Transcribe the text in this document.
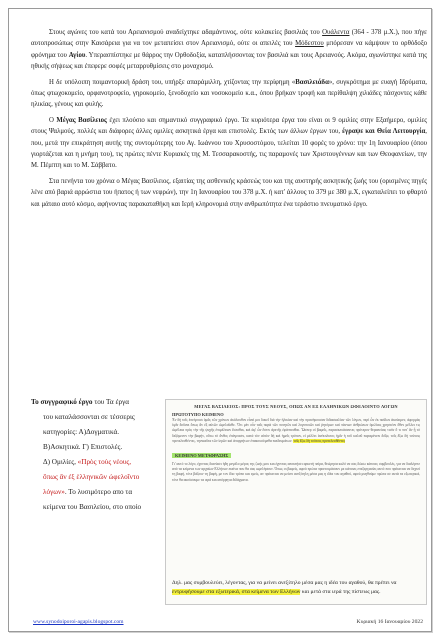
Στους αγώνες του κατά του Αρειανισμού αναδείχτηκε αδαμάντινος, ούτε κολακείες βασιλιάς του Ουάλεντα (364 - 378 μ.Χ.), που πήγε αυτοπροσώπως στην Καισάρεια για να τον μεταπείσει στον Αρειανισμό, ούτε οι απειλές του Μόδεστου μπόρεσαν να κάμψουν το ορθόδοξο φρόνημα του Αγίου. Υπερασπίστηκε με θάρρος την Ορθοδοξία, καταπλήσσοντας τον βασιλιά και τους Αρειανούς. Ακόμα, αγωνίστηκε κατά της ηθικής σήψεως και έπεφερε σοφές μεταρρυθμίσεις στο μοναχισμό.

Η δε υπόλοιπη ποιμαντορική δράση του, υπήρξε απαράμιλλη, χτίζοντας την περίφημη «Βασιλειάδα», συγκρότημα με ευαγή Ιδρύματα, όπως φτωχοκομείο, ορφανοτροφείο, γηροκομείο, ξενοδοχείο και νοσοκομείο κ.α., όπου βρήκαν τροφή και περίθαλψη χιλιάδες πάσχοντες κάθε ηλικίας, γένους και φυλής.

Ο Μέγας Βασίλειος έχει πλούσιο και σημαντικό συγγραφικό έργο. Τα κυριότερα έργα του είναι οι 9 ομιλίες στην Εξαήμερο, ομιλίες στους Ψαλμούς, πολλές και διάφορες άλλες ομιλίες ασκητικά έργα και επιστολές. Εκτός των άλλων έργων του, έγραψε και Θεία Λειτουργία, που, μετά την επικράτηση αυτής της συντομότερης του Αγ. Ιωάννου του Χρυσοστόμου, τελείται 10 φορές το χρόνο: την 1η Ιανουαρίου (όπου γιορτάζεται και η μνήμη του), τις πρώτες πέντε Κυριακές της Μ. Τεσσαρακοστής, τις παραμονές των Χριστουγέννων και των Θεοφανείων, την Μ. Πέμπτη και το Μ. Σάββατο.

Στα πενήντα του χρόνια ο Μέγας Βασίλειος, εξαιτίας της ασθενικής κράσεώς του και της αυστηρής ασκητικής ζωής του (ορισμένες πηγές λένε από βαριά αρρώστια του ήπατος ή των νεφρών), την 1η Ιανουαρίου του 378 μ.Χ. ή κατ' άλλους το 379 με 380 μ.Χ, εγκαταλείπει το φθαρτό και μάταιο αυτό κόσμο, αφήνοντας παρακαταθήκη και Ιερή κληρονομιά στην ανθρωπότητα ένα τεράστιο πνευματικό έργο.

Το συγγραφικό έργο του Τα έργα
του καταλάσσονται σε τέσσερις
κατηγορίες: Α)Δογματικά.
Β)Ασκητικά. Γ) Επιστολές.
Δ) Ομιλίες, «Πρὸς τοὺς νέους,
ὅπως ἂν ἐξ ἑλληνικῶν ὠφελοῖντο
λόγων». Το λυσιμότερο απο τα
κείμενα του Βασιλείου, στο οποίο
ΜΕΓΑΣ ΒΑΣΙΛΕΙΟΣ: ΠΡΟΣ ΤΟΥΣ ΝΕΟΥΣ, ΟΠΩΣ ΑΝ ΕΞ ΕΛΛΗΝΙΚΩΝ ΩΦΕΛΟΙΝΤΟ ΛΟΓΩΝ
ΠΡΩΤΟΤΥΠΟ ΚΕΙΜΕΝΟ
Ἐν δὴ τοῖς ἐπείγουσι ὑμᾶς τῶν χρόνων ἀκόλουθον εἶναί μοι δοκεῖ διὰ τὴν ἡλικίαν καὶ τὴν προσήκουσαν διδασκαλίαν τῶν λόγων, περὶ ὧν ἐκ παίδων ἀκούομεν, ἀφορμὰς ὑμῖν δοῦναι ὅπως ἂν ἐξ αὐτῶν ὠφελοῖσθε. Ὅτι μὲν οὖν ταῖς παρὰ τῶν ποιητῶν καὶ λογοποιῶν καὶ ῥητόρων καὶ πάντων ἀνθρώπων ὁμιλίαις χρηστέον ὅθεν μέλλει τις ὠφέλεια πρὸς τὴν τῆς ψυχῆς ἐπιμέλειαν ἔσεσθαι, καὶ ἀφ' ὧν ἔστιν ἀρετῆς ἐφάπτεσθαι. Ὥσπερ οἱ βαφεῖς, παρασκευάσαντες πρότερον θεραπείαις τισὶν ὅ τι ποτ' ἂν ᾖ τὸ δεξόμενον τὴν βαφήν, οὕτω τὸ ἄνθος ἐπάγουσιν, κατὰ τὸν αὐτὸν δὴ καὶ ἡμεῖς τρόπον, εἰ μέλλει ἀνέκπλυτος ἡμῖν ἡ τοῦ καλοῦ παραμένειν δόξα, τοῖς ἔξω δὴ τούτοις προτελεσθέντες, τηνικαῦτα τῶν ἱερῶν καὶ ἀπορρήτων ἐπακουσόμεθα παιδευμάτων. τοῖς ἔξω δὴ τούτοις προτελεσθέντες
ΚΕΙΜΕΝΟ ΜΕΤΑΦΡΑΣΗΣ
Γι' αυτό το λόγο, έχοντας διανύσει ήδη μεγάλο μέρος της ζωής μου και έχοντας αποκτήσει αρκετή πείρα, θεώρησα καλό να σας δώσω κάποιες συμβουλές, για να διαλέγετε από τα κείμενα των αρχαίων Ελλήνων εκείνα που θα σας ωφελήσουν. Όπως οι βαφείς, αφού πρώτα προετοιμάσουν με κάποιες επεξεργασίες αυτό που πρόκειται να δεχτεί τη βαφή, τότε βάζουν τη βαφή, με τον ίδιο τρόπο και εμείς, αν πρόκειται να μείνει ανεξίτηλη μέσα μας η ιδέα του αγαθού, αφού μυηθούμε πρώτα σε αυτά τα εξωτερικά, τότε θα ακούσουμε τα ιερά και απόρρητα διδάγματα.
Δηλ. μας συμβουλεύει, λέγοντας, για να μείνει ανεξίτηλο μέσα μας η ιδέα του αγαθού, θα πρέπει να εντρυφήσουμε στα εξωτερικά, στα κείμενα των Ελλήνων και μετά στα ιερά της πίστεως μας.
www.synodoiporoi-agapis.blogspot.com	Κυριακή 16 Ιανουαρίου 2022
